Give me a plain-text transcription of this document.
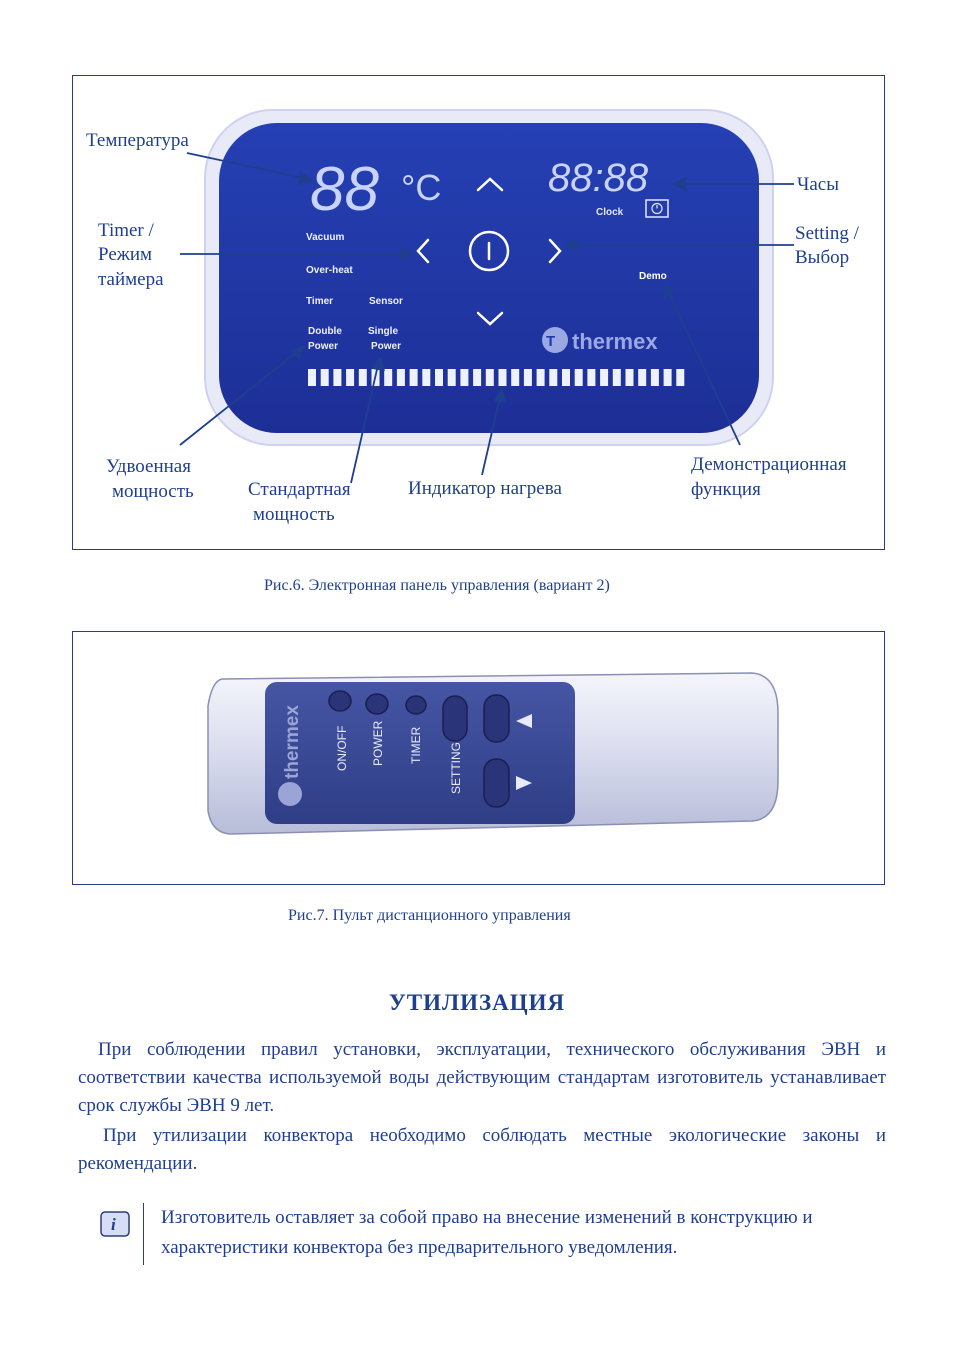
88 °C	88:88
Clock
Vacuum
Over-heat
Timer	Sensor
Double
Power
Single
Power
Demo
T thermex
Температура
Timer /
Режим
таймера
Часы
Setting /
Выбор
Удвоенная
мощность	Стандартная
мощность
Индикатор нагрева
Демонстрационная
функция
Рис.6. Электронная панель управления (вариант 2)
thermex	ON/OFF POWER TIMER SETTING
Рис.7. Пульт дистанционного управления
УТИЛИЗАЦИЯ
При соблюдении правил установки, эксплуатации, технического обслуживания ЭВН и соответствии качества используемой воды действующим стандартам изготовитель устанавливает срок службы ЭВН 9 лет.
При утилизации конвектора необходимо соблюдать местные экологические законы и рекомендации.
i Изготовитель оставляет за собой право на внесение изменений в конструкцию и характеристики конвектора без предварительного уведомления.
